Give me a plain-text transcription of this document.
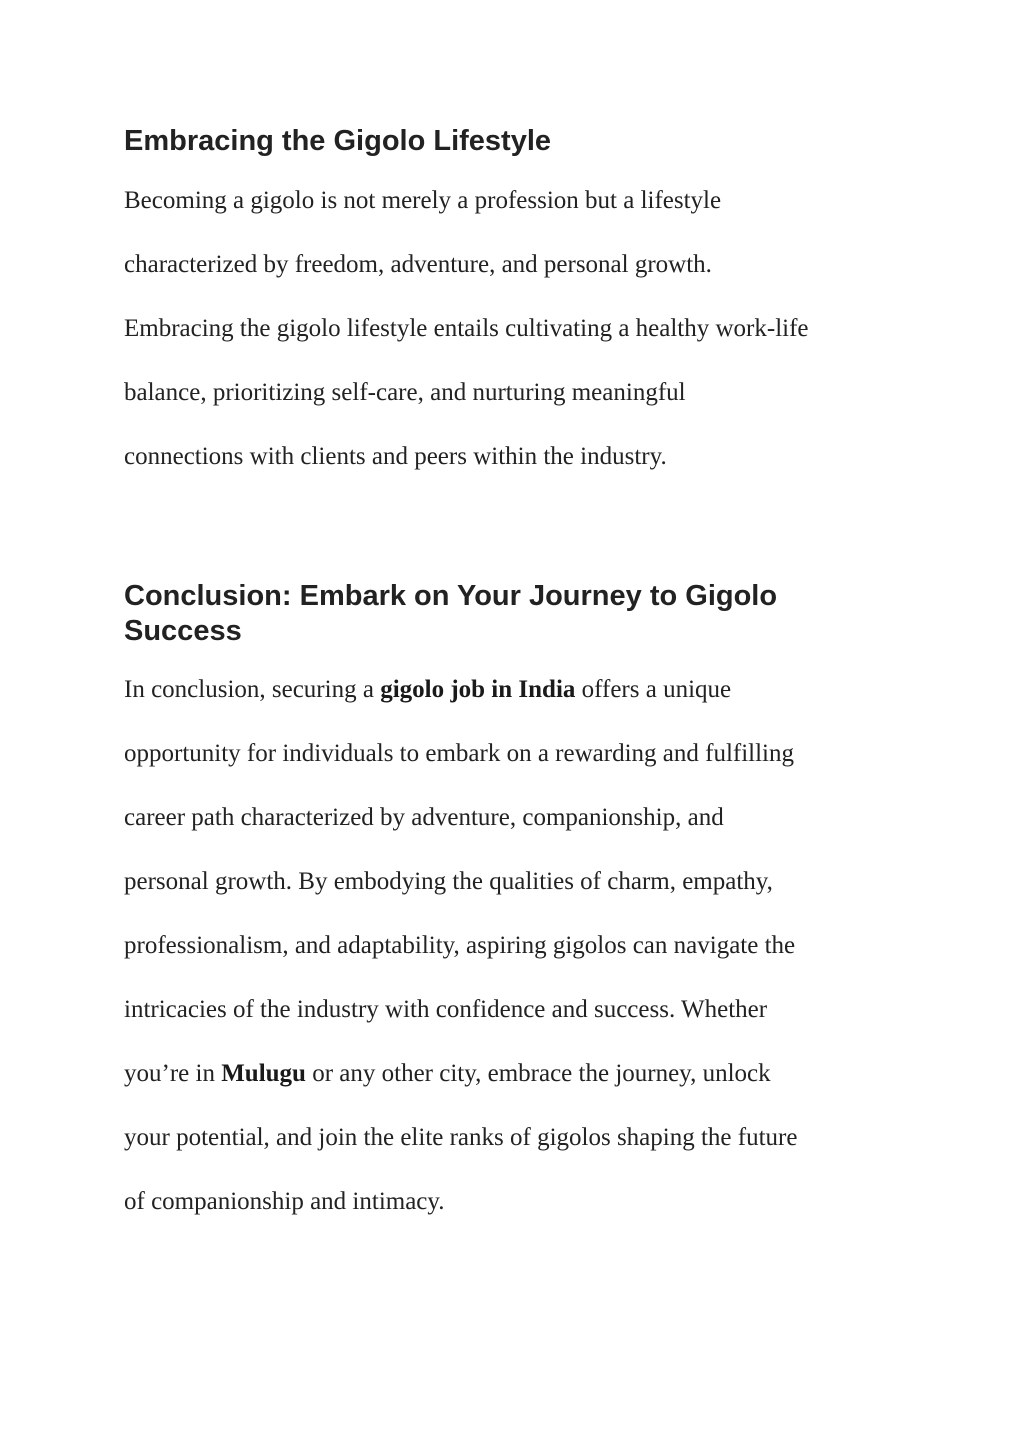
Embracing the Gigolo Lifestyle
Becoming a gigolo is not merely a profession but a lifestyle
characterized by freedom, adventure, and personal growth.
Embracing the gigolo lifestyle entails cultivating a healthy work-life
balance, prioritizing self-care, and nurturing meaningful
connections with clients and peers within the industry.
Conclusion: Embark on Your Journey to Gigolo
Success
In conclusion, securing a gigolo job in India offers a unique
opportunity for individuals to embark on a rewarding and fulfilling
career path characterized by adventure, companionship, and
personal growth. By embodying the qualities of charm, empathy,
professionalism, and adaptability, aspiring gigolos can navigate the
intricacies of the industry with confidence and success. Whether
you’re in Mulugu or any other city, embrace the journey, unlock
your potential, and join the elite ranks of gigolos shaping the future
of companionship and intimacy.
